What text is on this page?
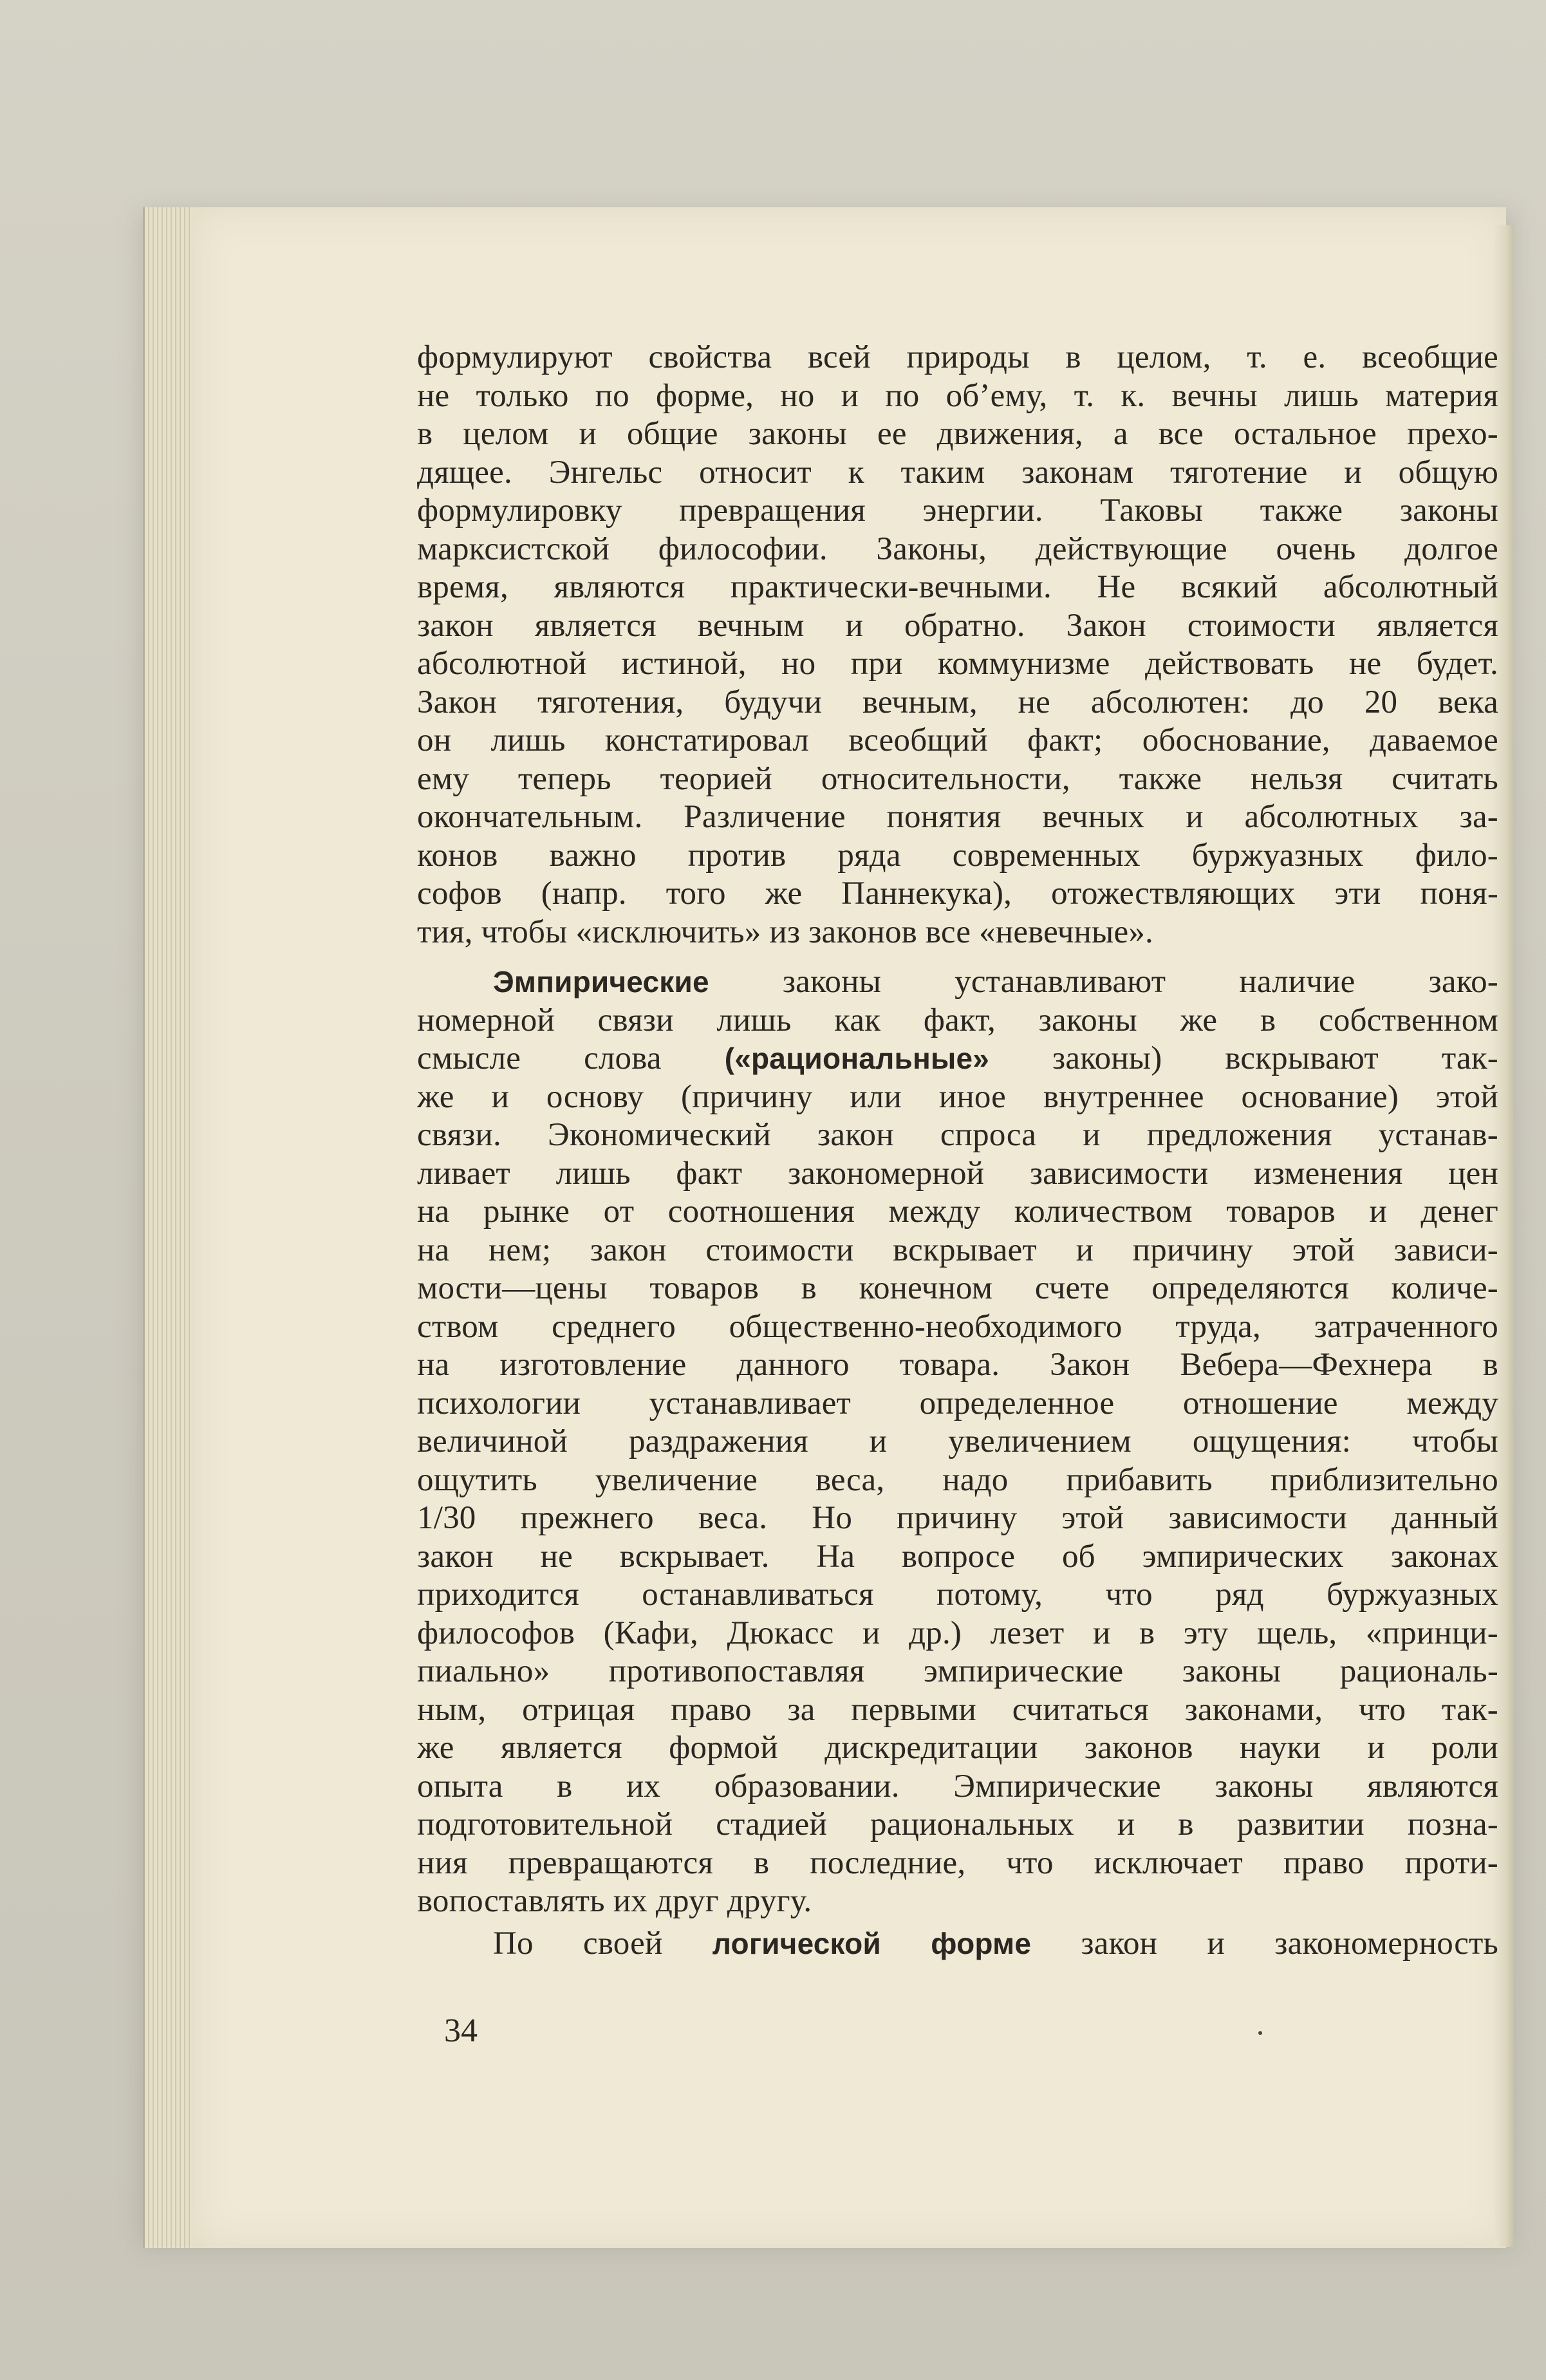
формулируют свойства всей природы в целом, т. е. всеобщие
не только по форме, но и по об’ему, т. к. вечны лишь материя
в целом и общие законы ее движения, а все остальное прехо-
дящее. Энгельс относит к таким законам тяготение и общую
формулировку превращения энергии. Таковы также законы
марксистской философии. Законы, действующие очень долгое
время, являются практически-вечными. Не всякий абсолютный
закон является вечным и обратно. Закон стоимости является
абсолютной истиной, но при коммунизме действовать не будет.
Закон тяготения, будучи вечным, не абсолютен: до 20 века
он лишь констатировал всеобщий факт; обоснование, даваемое
ему теперь теорией относительности, также нельзя считать
окончательным. Различение понятия вечных и абсолютных за-
конов важно против ряда современных буржуазных фило-
софов (напр. того же Паннекука), отожествляющих эти поня-
тия, чтобы «исключить» из законов все «невечные».
Эмпирические законы устанавливают наличие зако-
номерной связи лишь как факт, законы же в собственном
смысле слова («рациональные» законы) вскрывают так-
же и основу (причину или иное внутреннее основание) этой
связи. Экономический закон спроса и предложения устанав-
ливает лишь факт закономерной зависимости изменения цен
на рынке от соотношения между количеством товаров и денег
на нем; закон стоимости вскрывает и причину этой зависи-
мости—цены товаров в конечном счете определяются количе-
ством среднего общественно-необходимого труда, затраченного
на изготовление данного товара. Закон Вебера—Фехнера в
психологии устанавливает определенное отношение между
величиной раздражения и увеличением ощущения: чтобы
ощутить увеличение веса, надо прибавить приблизительно
1/30 прежнего веса. Но причину этой зависимости данный
закон не вскрывает. На вопросе об эмпирических законах
приходится останавливаться потому, что ряд буржуазных
философов (Кафи, Дюкасс и др.) лезет и в эту щель, «принци-
пиально» противопоставляя эмпирические законы рациональ-
ным, отрицая право за первыми считаться законами, что так-
же является формой дискредитации законов науки и роли
опыта в их образовании. Эмпирические законы являются
подготовительной стадией рациональных и в развитии позна-
ния превращаются в последние, что исключает право проти-
вопоставлять их друг другу.
По своей логической форме закон и закономерность
34
